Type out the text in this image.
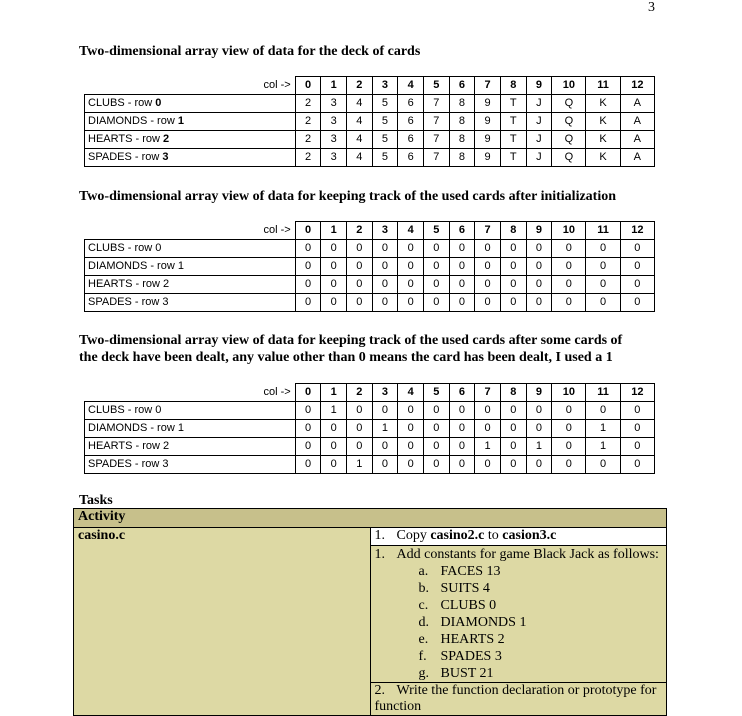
3
Two-dimensional array view of data for the deck of cards
col ->	0	1	2	3	4	5	6	7	8	9	10	11	12
CLUBS - row 0	2	3	4	5	6	7	8	9	T	J	Q	K	A
DIAMONDS - row 1	2	3	4	5	6	7	8	9	T	J	Q	K	A
HEARTS - row 2	2	3	4	5	6	7	8	9	T	J	Q	K	A
SPADES - row 3	2	3	4	5	6	7	8	9	T	J	Q	K	A
Two-dimensional array view of data for keeping track of the used cards after initialization
col ->	0	1	2	3	4	5	6	7	8	9	10	11	12
CLUBS - row 0	0	0	0	0	0	0	0	0	0	0	0	0	0
DIAMONDS - row 1	0	0	0	0	0	0	0	0	0	0	0	0	0
HEARTS - row 2	0	0	0	0	0	0	0	0	0	0	0	0	0
SPADES - row 3	0	0	0	0	0	0	0	0	0	0	0	0	0
Two-dimensional array view of data for keeping track of the used cards after some cards of
the deck have been dealt, any value other than 0 means the card has been dealt, I used a 1
col ->	0	1	2	3	4	5	6	7	8	9	10	11	12
CLUBS - row 0	0	1	0	0	0	0	0	0	0	0	0	0	0
DIAMONDS - row 1	0	0	0	1	0	0	0	0	0	0	0	1	0
HEARTS - row 2	0	0	0	0	0	0	0	1	0	1	0	1	0
SPADES - row 3	0	0	1	0	0	0	0	0	0	0	0	0	0
Tasks
Activity
casino.c	1. Copy casino2.c to casion3.c

1. Add constants for game Black Jack as follows:
a. FACES 13
b. SUITS 4
c. CLUBS 0
d. DIAMONDS 1
e. HEARTS 2
f. SPADES 3
g. BUST 21

2. Write the function declaration or prototype for function
